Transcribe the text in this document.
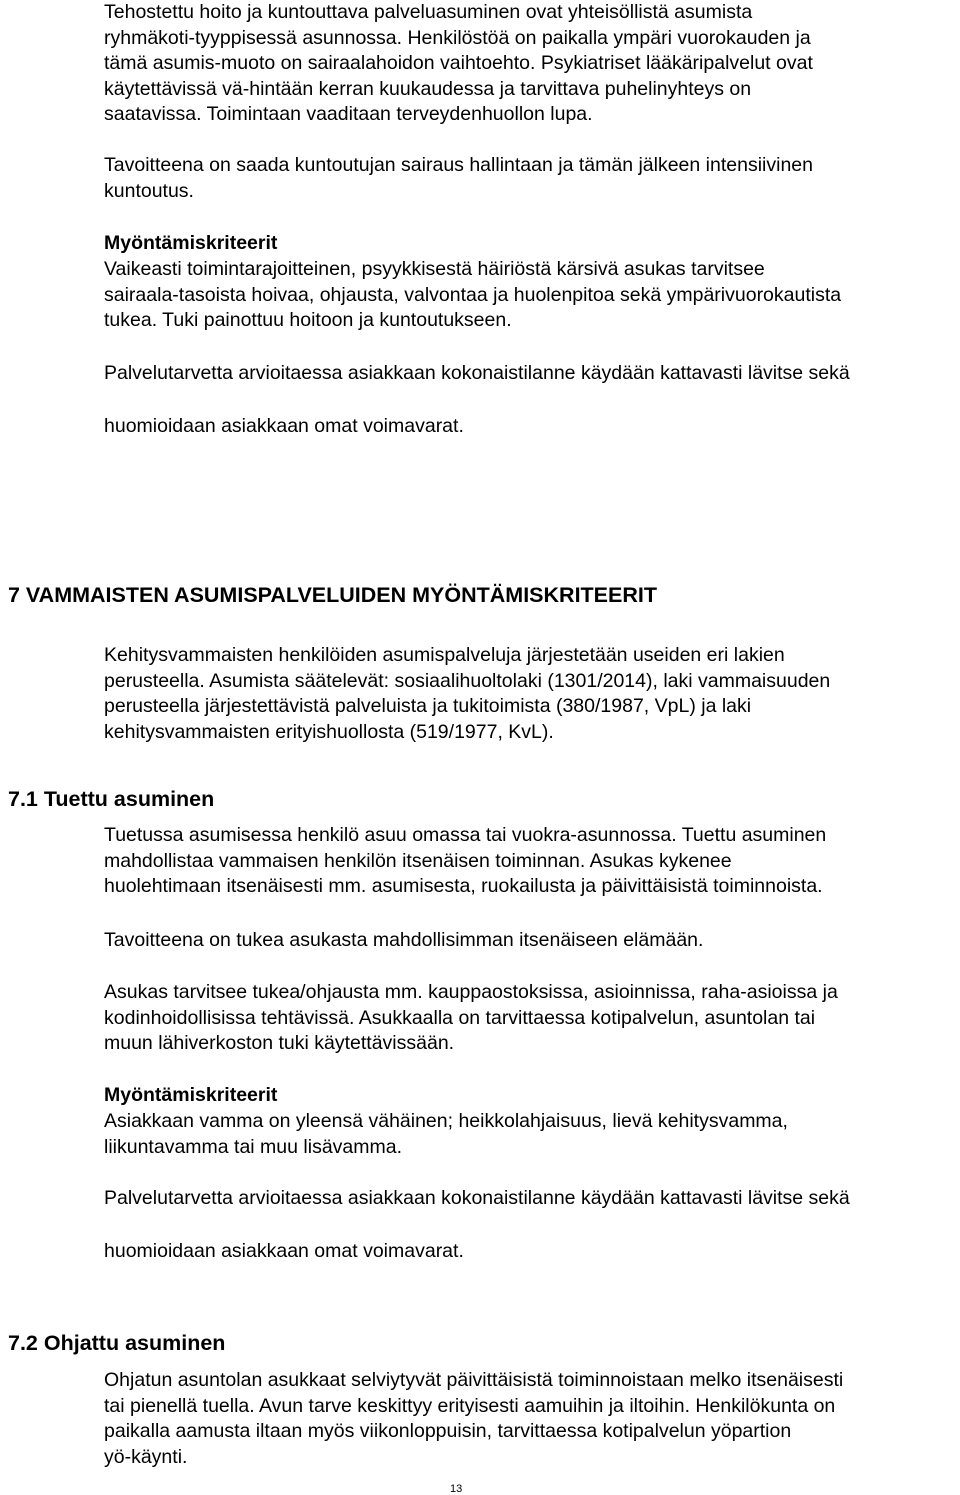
Tehostettu hoito ja kuntouttava palveluasuminen ovat yhteisöllistä asumista
ryhmäkoti-tyyppisessä asunnossa. Henkilöstöä on paikalla ympäri vuorokauden ja
tämä asumis-muoto on sairaalahoidon vaihtoehto. Psykiatriset lääkäripalvelut ovat
käytettävissä vä-hintään kerran kuukaudessa ja tarvittava puhelinyhteys on
saatavissa. Toimintaan vaaditaan terveydenhuollon lupa.

Tavoitteena on saada kuntoutujan sairaus hallintaan ja tämän jälkeen intensiivinen
kuntoutus.

Myöntämiskriteerit

Vaikeasti toimintarajoitteinen, psyykkisestä häiriöstä kärsivä asukas tarvitsee
sairaala-tasoista hoivaa, ohjausta, valvontaa ja huolenpitoa sekä ympärivuorokautista
tukea. Tuki painottuu hoitoon ja kuntoutukseen.

Palvelutarvetta arvioitaessa asiakkaan kokonaistilanne käydään kattavasti lävitse sekä

huomioidaan asiakkaan omat voimavarat.

7 VAMMAISTEN ASUMISPALVELUIDEN MYÖNTÄMISKRITEERIT

Kehitysvammaisten henkilöiden asumispalveluja järjestetään useiden eri lakien
perusteella. Asumista säätelevät: sosiaalihuoltolaki (1301/2014), laki vammaisuuden
perusteella järjestettävistä palveluista ja tukitoimista (380/1987, VpL) ja laki
kehitysvammaisten erityishuollosta (519/1977, KvL).

7.1 Tuettu asuminen

Tuetussa asumisessa henkilö asuu omassa tai vuokra-asunnossa. Tuettu asuminen
mahdollistaa vammaisen henkilön itsenäisen toiminnan. Asukas kykenee
huolehtimaan itsenäisesti mm. asumisesta, ruokailusta ja päivittäisistä toiminnoista.

Tavoitteena on tukea asukasta mahdollisimman itsenäiseen elämään.

Asukas tarvitsee tukea/ohjausta mm. kauppaostoksissa, asioinnissa, raha-asioissa ja
kodinhoidollisissa tehtävissä. Asukkaalla on tarvittaessa kotipalvelun, asuntolan tai
muun lähiverkoston tuki käytettävissään.

Myöntämiskriteerit

Asiakkaan vamma on yleensä vähäinen; heikkolahjaisuus, lievä kehitysvamma,
liikuntavamma tai muu lisävamma.

Palvelutarvetta arvioitaessa asiakkaan kokonaistilanne käydään kattavasti lävitse sekä

huomioidaan asiakkaan omat voimavarat.

7.2 Ohjattu asuminen

Ohjatun asuntolan asukkaat selviytyvät päivittäisistä toiminnoistaan melko itsenäisesti
tai pienellä tuella. Avun tarve keskittyy erityisesti aamuihin ja iltoihin. Henkilökunta on
paikalla aamusta iltaan myös viikonloppuisin, tarvittaessa kotipalvelun yöpartion
yö-käynti.

13
